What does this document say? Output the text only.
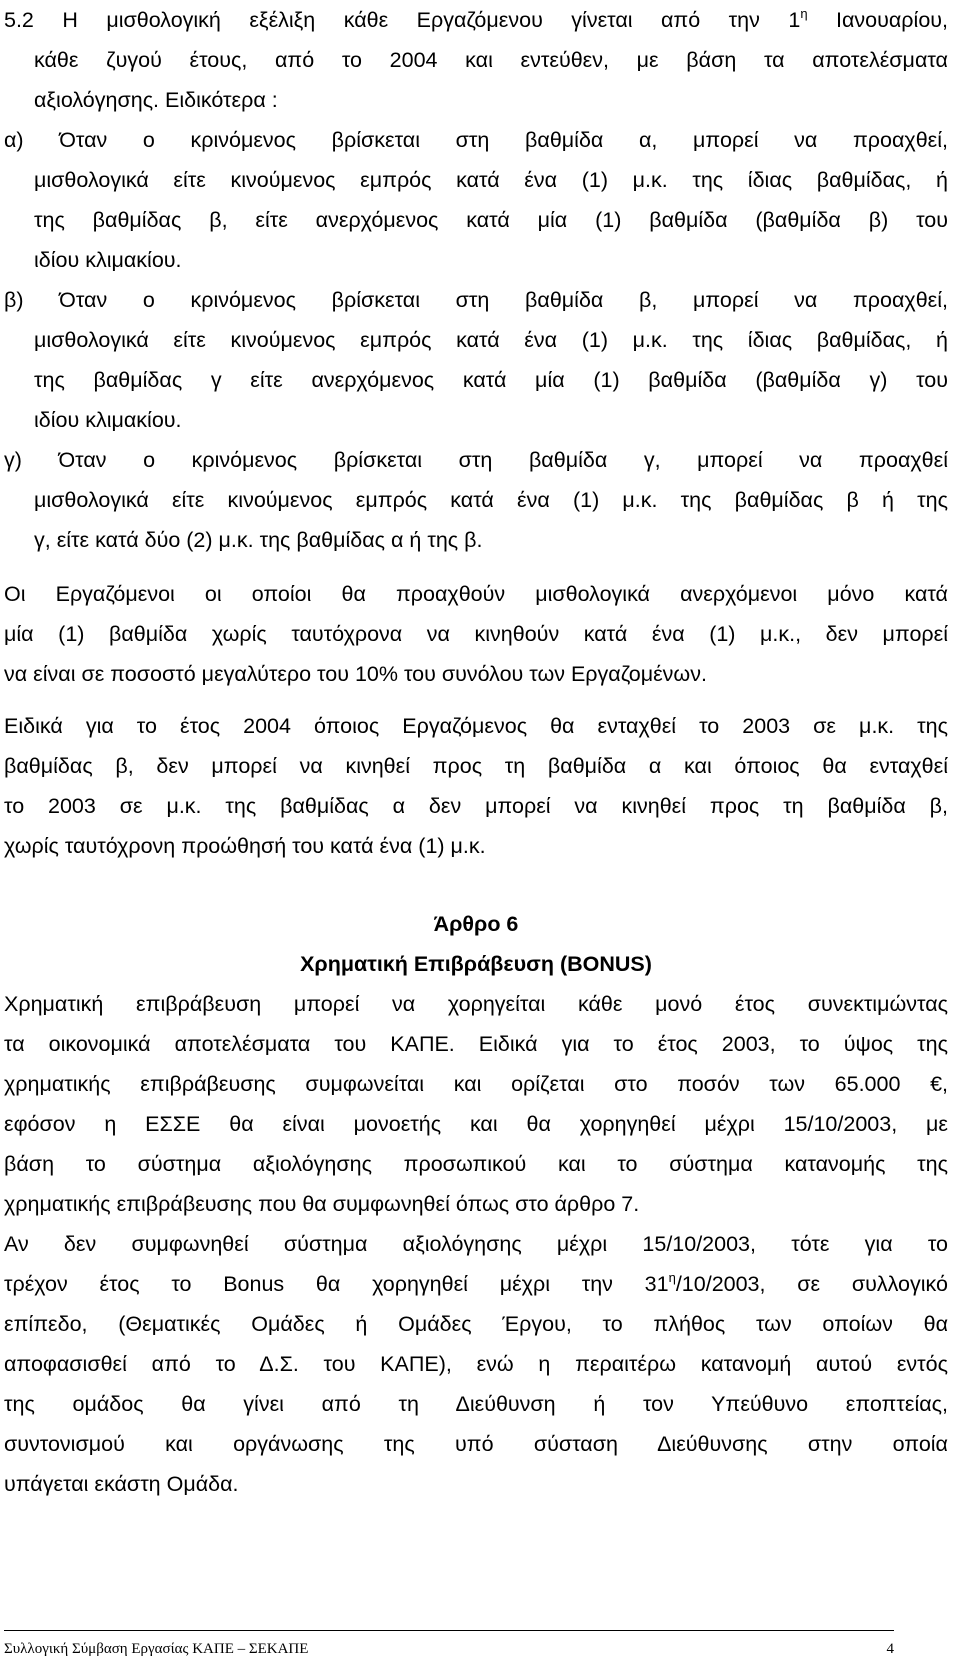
5.2 Η μισθολογική εξέλιξη κάθε Εργαζόμενου γίνεται από την $1^\eta$ Ιανουαρίου,
κάθε ζυγού έτους, από το 2004 και εντεύθεν, με βάση τα αποτελέσματα
αξιολόγησης. Ειδικότερα :
α) Όταν ο κρινόμενος βρίσκεται στη βαθμίδα α, μπορεί να προαχθεί,
μισθολογικά είτε κινούμενος εμπρός κατά ένα (1) μ.κ. της ίδιας βαθμίδας, ή
της βαθμίδας β, είτε ανερχόμενος κατά μία (1) βαθμίδα (βαθμίδα β) του
ιδίου κλιμακίου.
β) Όταν ο κρινόμενος βρίσκεται στη βαθμίδα β, μπορεί να προαχθεί,
μισθολογικά είτε κινούμενος εμπρός κατά ένα (1) μ.κ. της ίδιας βαθμίδας, ή
της βαθμίδας γ είτε ανερχόμενος κατά μία (1) βαθμίδα (βαθμίδα γ) του
ιδίου κλιμακίου.
γ) Όταν ο κρινόμενος βρίσκεται στη βαθμίδα γ, μπορεί να προαχθεί
μισθολογικά είτε κινούμενος εμπρός κατά ένα (1) μ.κ. της βαθμίδας β ή της
γ, είτε κατά δύο (2) μ.κ. της βαθμίδας α ή της β.
Οι Εργαζόμενοι οι οποίοι θα προαχθούν μισθολογικά ανερχόμενοι μόνο κατά
μία (1) βαθμίδα χωρίς ταυτόχρονα να κινηθούν κατά ένα (1) μ.κ., δεν μπορεί
να είναι σε ποσοστό μεγαλύτερο του 10% του συνόλου των Εργαζομένων.
Ειδικά για το έτος 2004 όποιος Εργαζόμενος θα ενταχθεί το 2003 σε μ.κ. της
βαθμίδας β, δεν μπορεί να κινηθεί προς τη βαθμίδα α και όποιος θα ενταχθεί
το 2003 σε μ.κ. της βαθμίδας α δεν μπορεί να κινηθεί προς τη βαθμίδα β,
χωρίς ταυτόχρονη προώθησή του κατά ένα (1) μ.κ.
Άρθρο 6
Χρηματική Επιβράβευση (BONUS)
Χρηματική επιβράβευση μπορεί να χορηγείται κάθε μονό έτος συνεκτιμώντας
τα οικονομικά αποτελέσματα του ΚΑΠΕ. Ειδικά για το έτος 2003, το ύψος της
χρηματικής επιβράβευσης συμφωνείται και ορίζεται στο ποσόν των 65.000 €,
εφόσον η ΕΣΣΕ θα είναι μονοετής και θα χορηγηθεί μέχρι 15/10/2003, με
βάση το σύστημα αξιολόγησης προσωπικού και το σύστημα κατανομής της
χρηματικής επιβράβευσης που θα συμφωνηθεί όπως στο άρθρο 7.
Αν δεν συμφωνηθεί σύστημα αξιολόγησης μέχρι 15/10/2003, τότε για το
τρέχον έτος το Bonus θα χορηγηθεί μέχρι την $31^\eta/10/2003$, σε συλλογικό
επίπεδο, (Θεματικές Ομάδες ή Ομάδες Έργου, το πλήθος των οποίων θα
αποφασισθεί από το Δ.Σ. του ΚΑΠΕ), ενώ η περαιτέρω κατανομή αυτού εντός
της ομάδος θα γίνει από τη Διεύθυνση ή τον Υπεύθυνο εποπτείας,
συντονισμού και οργάνωσης της υπό σύσταση Διεύθυνσης στην οποία
υπάγεται εκάστη Ομάδα.
Συλλογική Σύμβαση Εργασίας ΚΑΠΕ – ΣΕΚΑΠΕ	4
